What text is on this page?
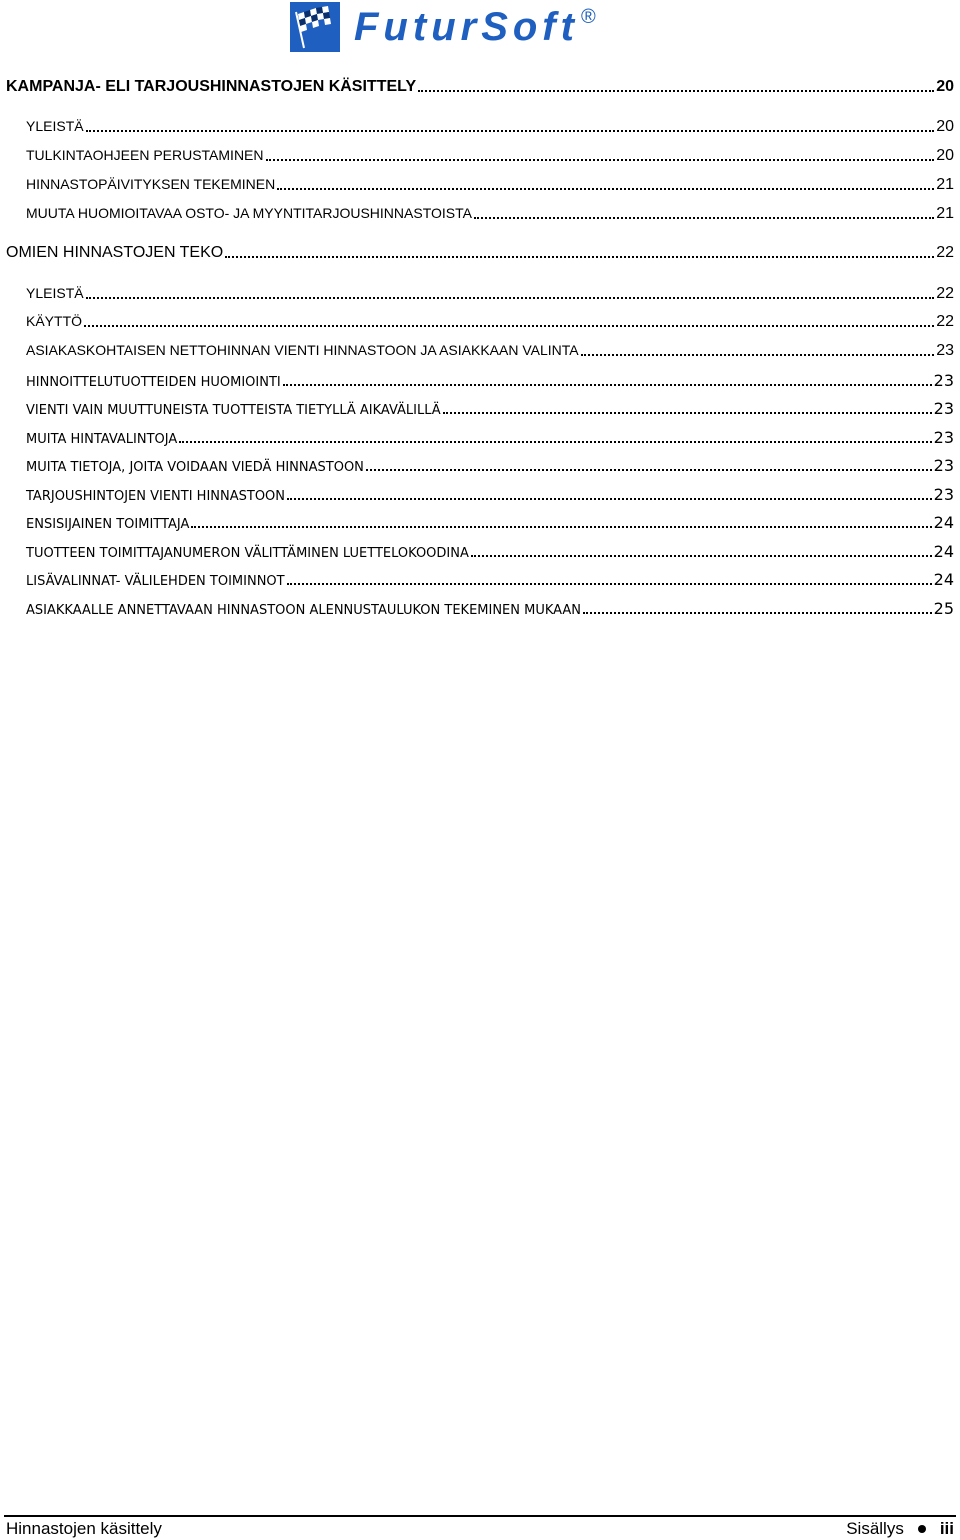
FuturSoft ®
KAMPANJA- ELI TARJOUSHINNASTOJEN KÄSITTELY	20
YLEISTÄ	20
TULKINTAOHJEEN PERUSTAMINEN	20
HINNASTOPÄIVITYKSEN TEKEMINEN	21
MUUTA HUOMIOITAVAA OSTO- JA MYYNTITARJOUSHINNASTOISTA	21
OMIEN HINNASTOJEN TEKO	22
YLEISTÄ	22
KÄYTTÖ	22
ASIAKASKOHTAISEN NETTOHINNAN VIENTI HINNASTOON JA ASIAKKAAN VALINTA	23
HINNOITTELUTUOTTEIDEN HUOMIOINTI	23
VIENTI VAIN MUUTTUNEISTA TUOTTEISTA TIETYLLÄ AIKAVÄLILLÄ	23
MUITA HINTAVALINTOJA	23
MUITA TIETOJA, JOITA VOIDAAN VIEDÄ HINNASTOON	23
TARJOUSHINTOJEN VIENTI HINNASTOON	23
ENSISIJAINEN TOIMITTAJA	24
TUOTTEEN TOIMITTAJANUMERON VÄLITTÄMINEN LUETTELOKOODINA	24
LISÄVALINNAT- VÄLILEHDEN TOIMINNOT	24
ASIAKKAALLE ANNETTAVAAN HINNASTOON ALENNUSTAULUKON TEKEMINEN MUKAAN	25
Hinnastojen käsittely	Sisällys iii
